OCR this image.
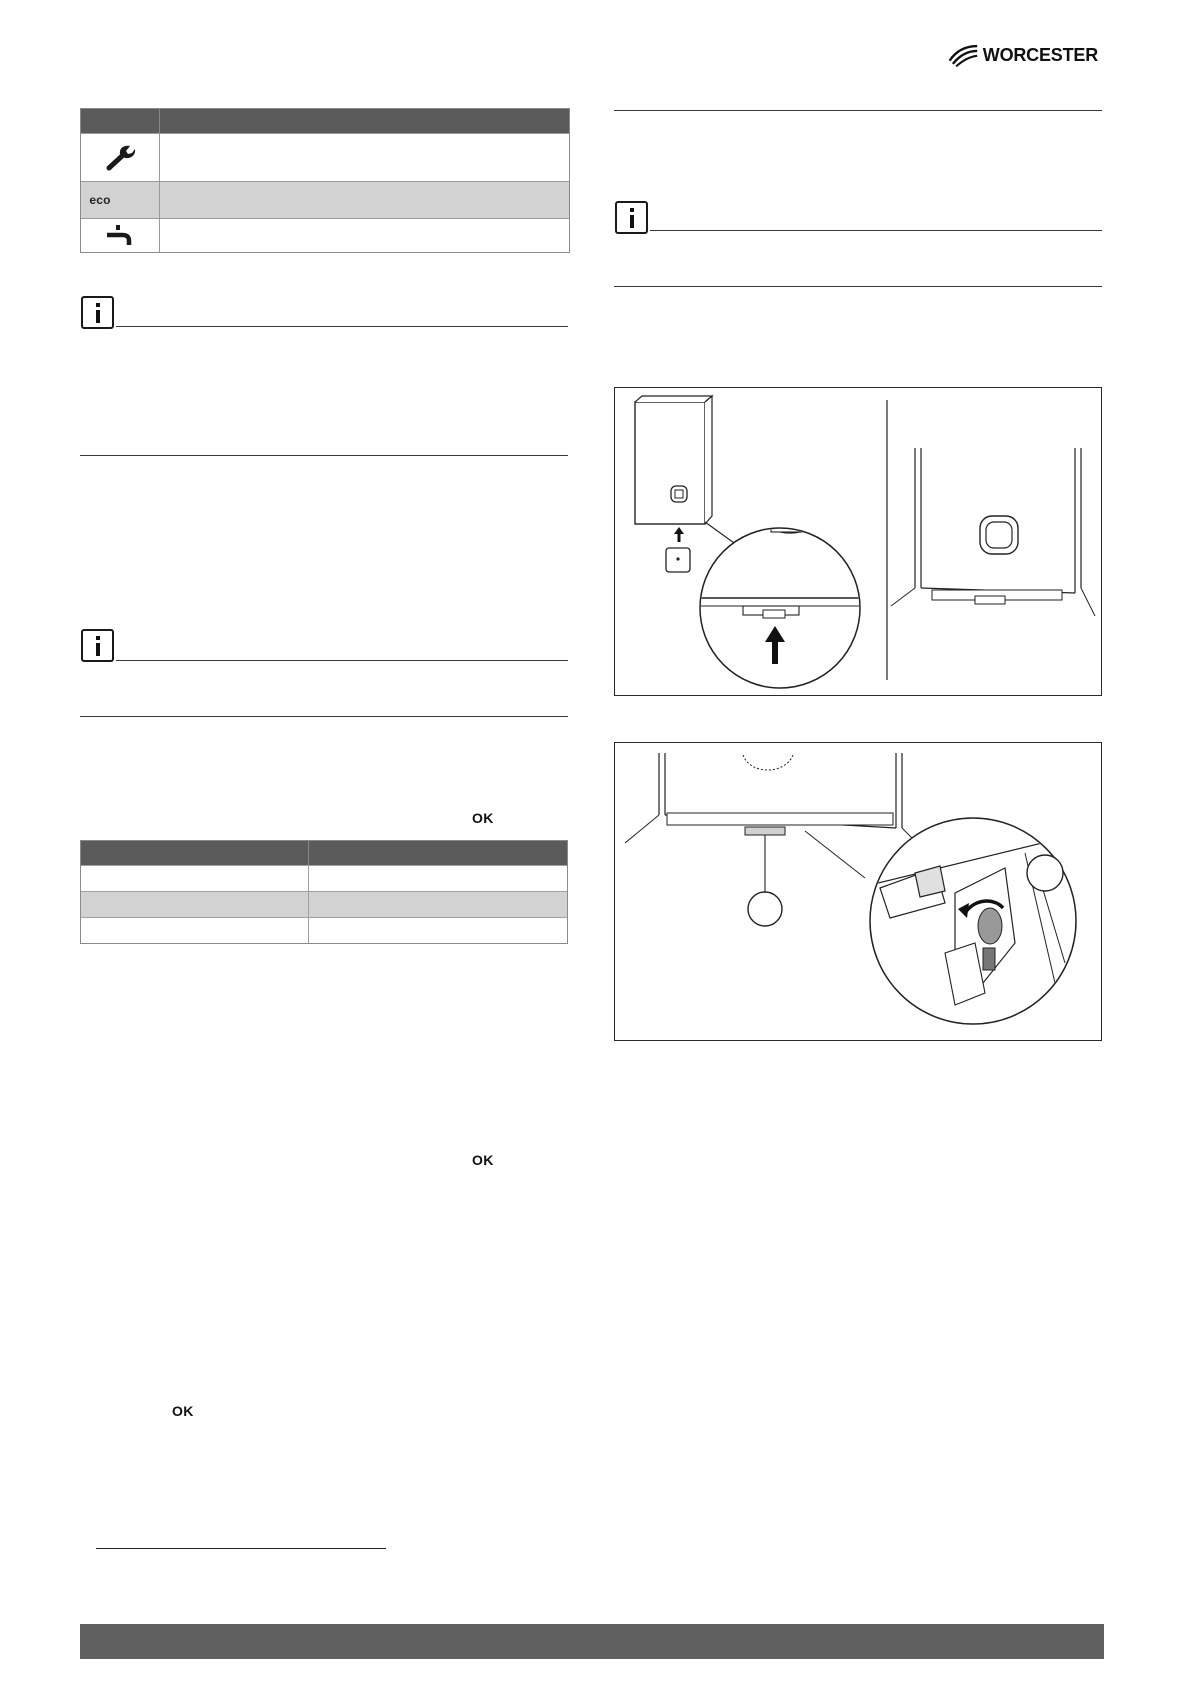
WORCESTER
eco
OK
OK
OK
